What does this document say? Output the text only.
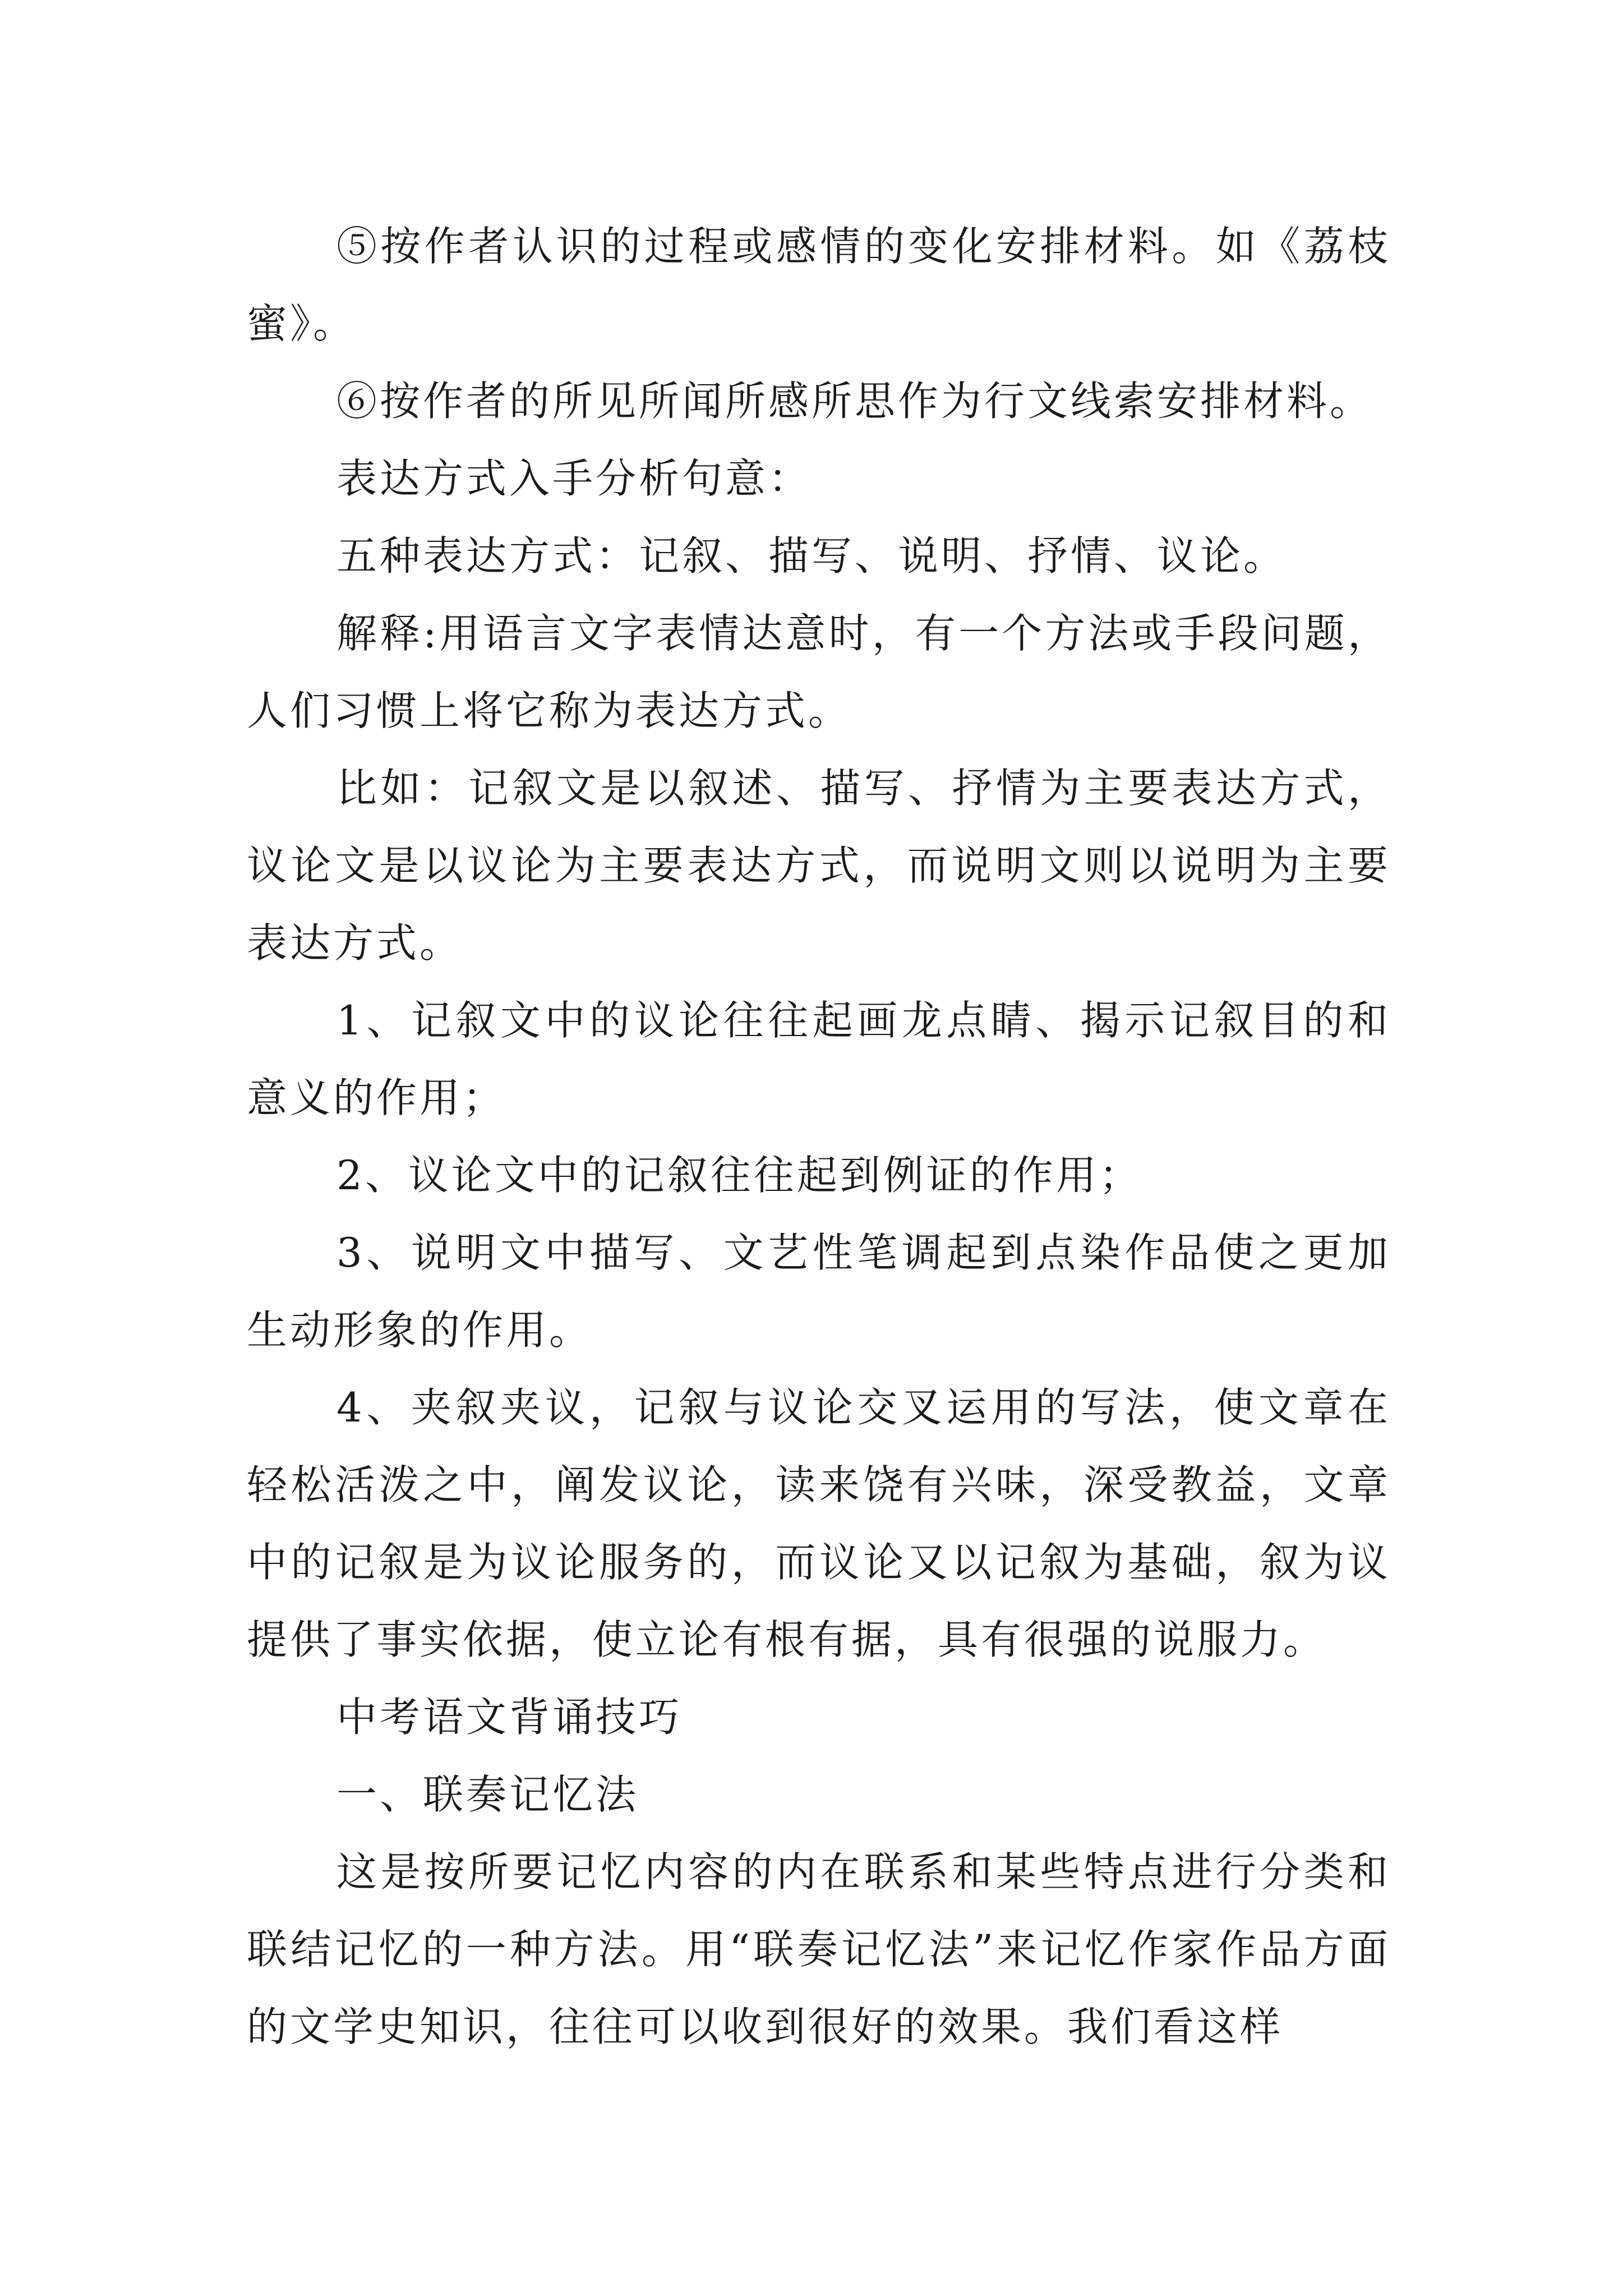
⑤按作者认识的过程或感情的变化安排材料。如《荔枝蜜》。

⑥按作者的所见所闻所感所思作为行文线索安排材料。

表达方式入手分析句意：

五种表达方式：记叙、描写、说明、抒情、议论。

解释:用语言文字表情达意时，有一个方法或手段问题，人们习惯上将它称为表达方式。

比如：记叙文是以叙述、描写、抒情为主要表达方式，议论文是以议论为主要表达方式，而说明文则以说明为主要表达方式。

1、记叙文中的议论往往起画龙点睛、揭示记叙目的和意义的作用；

2、议论文中的记叙往往起到例证的作用；

3、说明文中描写、文艺性笔调起到点染作品使之更加生动形象的作用。

4、夹叙夹议，记叙与议论交叉运用的写法，使文章在轻松活泼之中，阐发议论，读来饶有兴味，深受教益，文章中的记叙是为议论服务的，而议论又以记叙为基础，叙为议提供了事实依据，使立论有根有据，具有很强的说服力。

中考语文背诵技巧

一、联奏记忆法

这是按所要记忆内容的内在联系和某些特点进行分类和联结记忆的一种方法。用“联奏记忆法”来记忆作家作品方面的文学史知识，往往可以收到很好的效果。我们看这样
